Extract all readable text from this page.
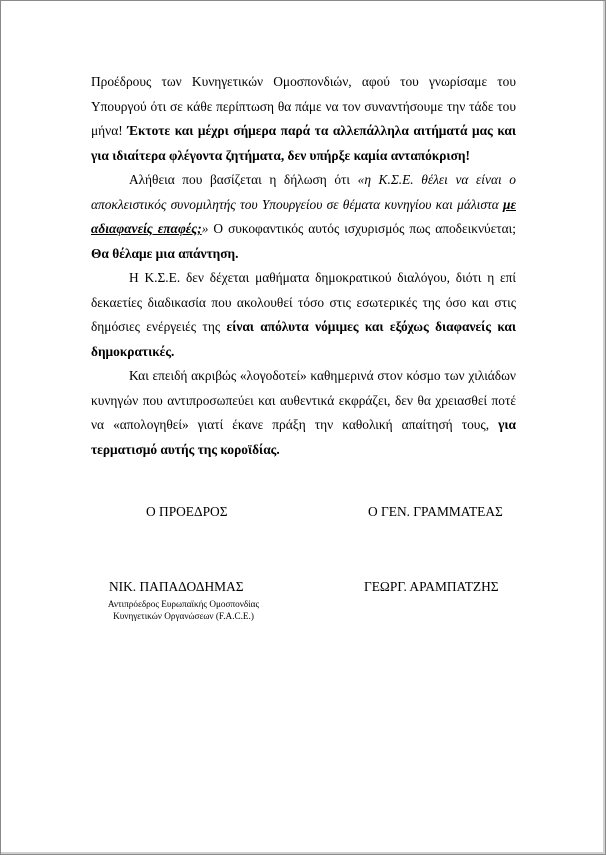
Προέδρους των Κυνηγετικών Ομοσπονδιών, αφού του γνωρίσαμε του Υπουργού ότι σε κάθε περίπτωση θα πάμε να τον συναντήσουμε την τάδε του μήνα! Έκτοτε και μέχρι σήμερα παρά τα αλλεπάλληλα αιτήματά μας και για ιδιαίτερα φλέγοντα ζητήματα, δεν υπήρξε καμία ανταπόκριση!

Αλήθεια που βασίζεται η δήλωση ότι «η Κ.Σ.Ε. θέλει να είναι ο αποκλειστικός συνομιλητής του Υπουργείου σε θέματα κυνηγίου και μάλιστα με αδιαφανείς επαφές;» Ο συκοφαντικός αυτός ισχυρισμός πως αποδεικνύεται; Θα θέλαμε μια απάντηση.

Η Κ.Σ.Ε. δεν δέχεται μαθήματα δημοκρατικού διαλόγου, διότι η επί δεκαετίες διαδικασία που ακολουθεί τόσο στις εσωτερικές της όσο και στις δημόσιες ενέργειές της είναι απόλυτα νόμιμες και εξόχως διαφανείς και δημοκρατικές.

Και επειδή ακριβώς «λογοδοτεί» καθημερινά στον κόσμο των χιλιάδων κυνηγών που αντιπροσωπεύει και αυθεντικά εκφράζει, δεν θα χρειασθεί ποτέ να «απολογηθεί» γιατί έκανε πράξη την καθολική απαίτησή τους, για τερματισμό αυτής της κοροϊδίας.

Ο ΠΡΟΕΔΡΟΣ	Ο ΓΕΝ. ΓΡΑΜΜΑΤΕΑΣ
ΝΙΚ. ΠΑΠΑΔΟΔΗΜΑΣ	ΓΕΩΡΓ. ΑΡΑΜΠΑΤΖΗΣ
Αντιπρόεδρος Ευρωπαϊκής Ομοσπονδίας
Κυνηγετικών Οργανώσεων (F.A.C.E.)
